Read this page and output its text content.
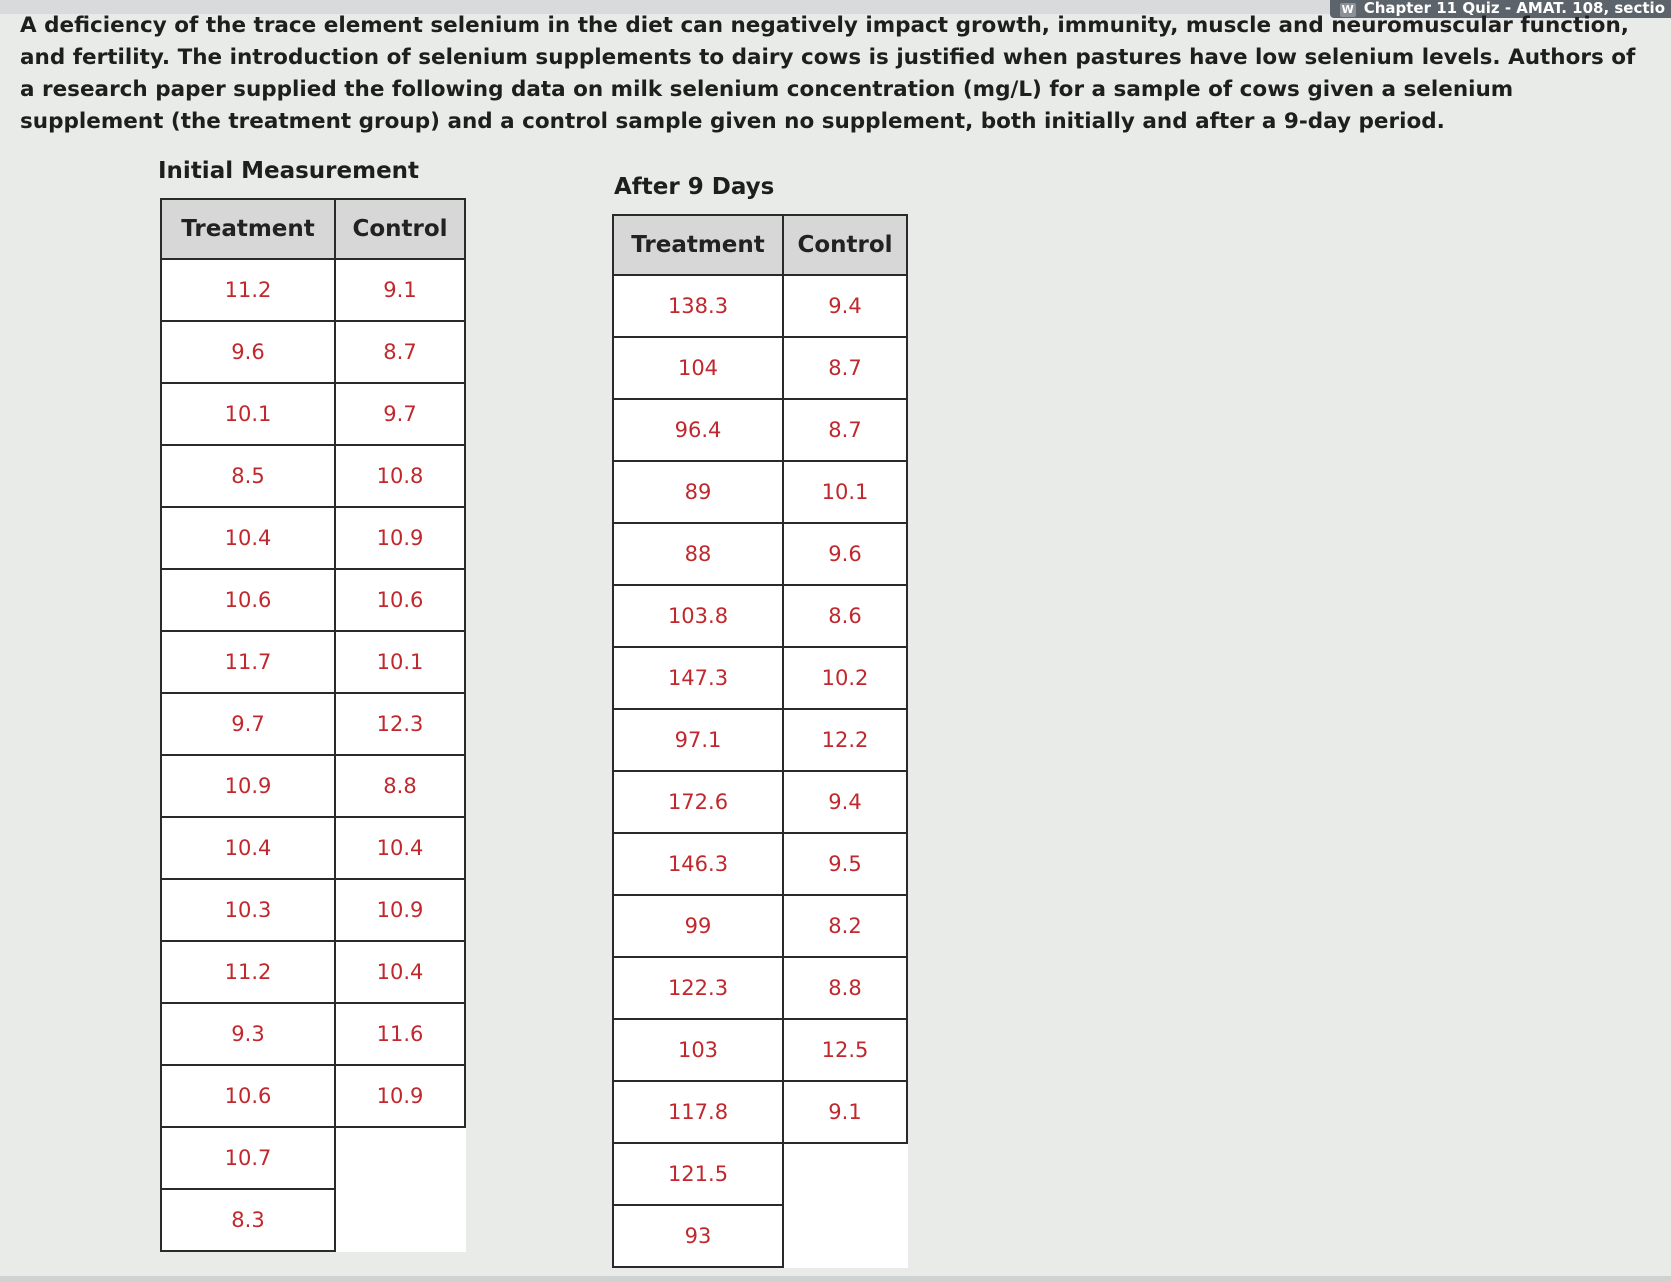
W Chapter 11 Quiz - AMAT. 108, sectio

A deficiency of the trace element selenium in the diet can negatively impact growth, immunity, muscle and neuromuscular function, and fertility. The introduction of selenium supplements to dairy cows is justified when pastures have low selenium levels. Authors of a research paper supplied the following data on milk selenium concentration (mg/L) for a sample of cows given a selenium supplement (the treatment group) and a control sample given no supplement, both initially and after a 9-day period.

Initial Measurement
Treatment	Control
11.2	9.1
9.6	8.7
10.1	9.7
8.5	10.8
10.4	10.9
10.6	10.6
11.7	10.1
9.7	12.3
10.9	8.8
10.4	10.4
10.3	10.9
11.2	10.4
9.3	11.6
10.6	10.9
10.7	
8.3	
After 9 Days
Treatment	Control
138.3	9.4
104	8.7
96.4	8.7
89	10.1
88	9.6
103.8	8.6
147.3	10.2
97.1	12.2
172.6	9.4
146.3	9.5
99	8.2
122.3	8.8
103	12.5
117.8	9.1
121.5	
93	
